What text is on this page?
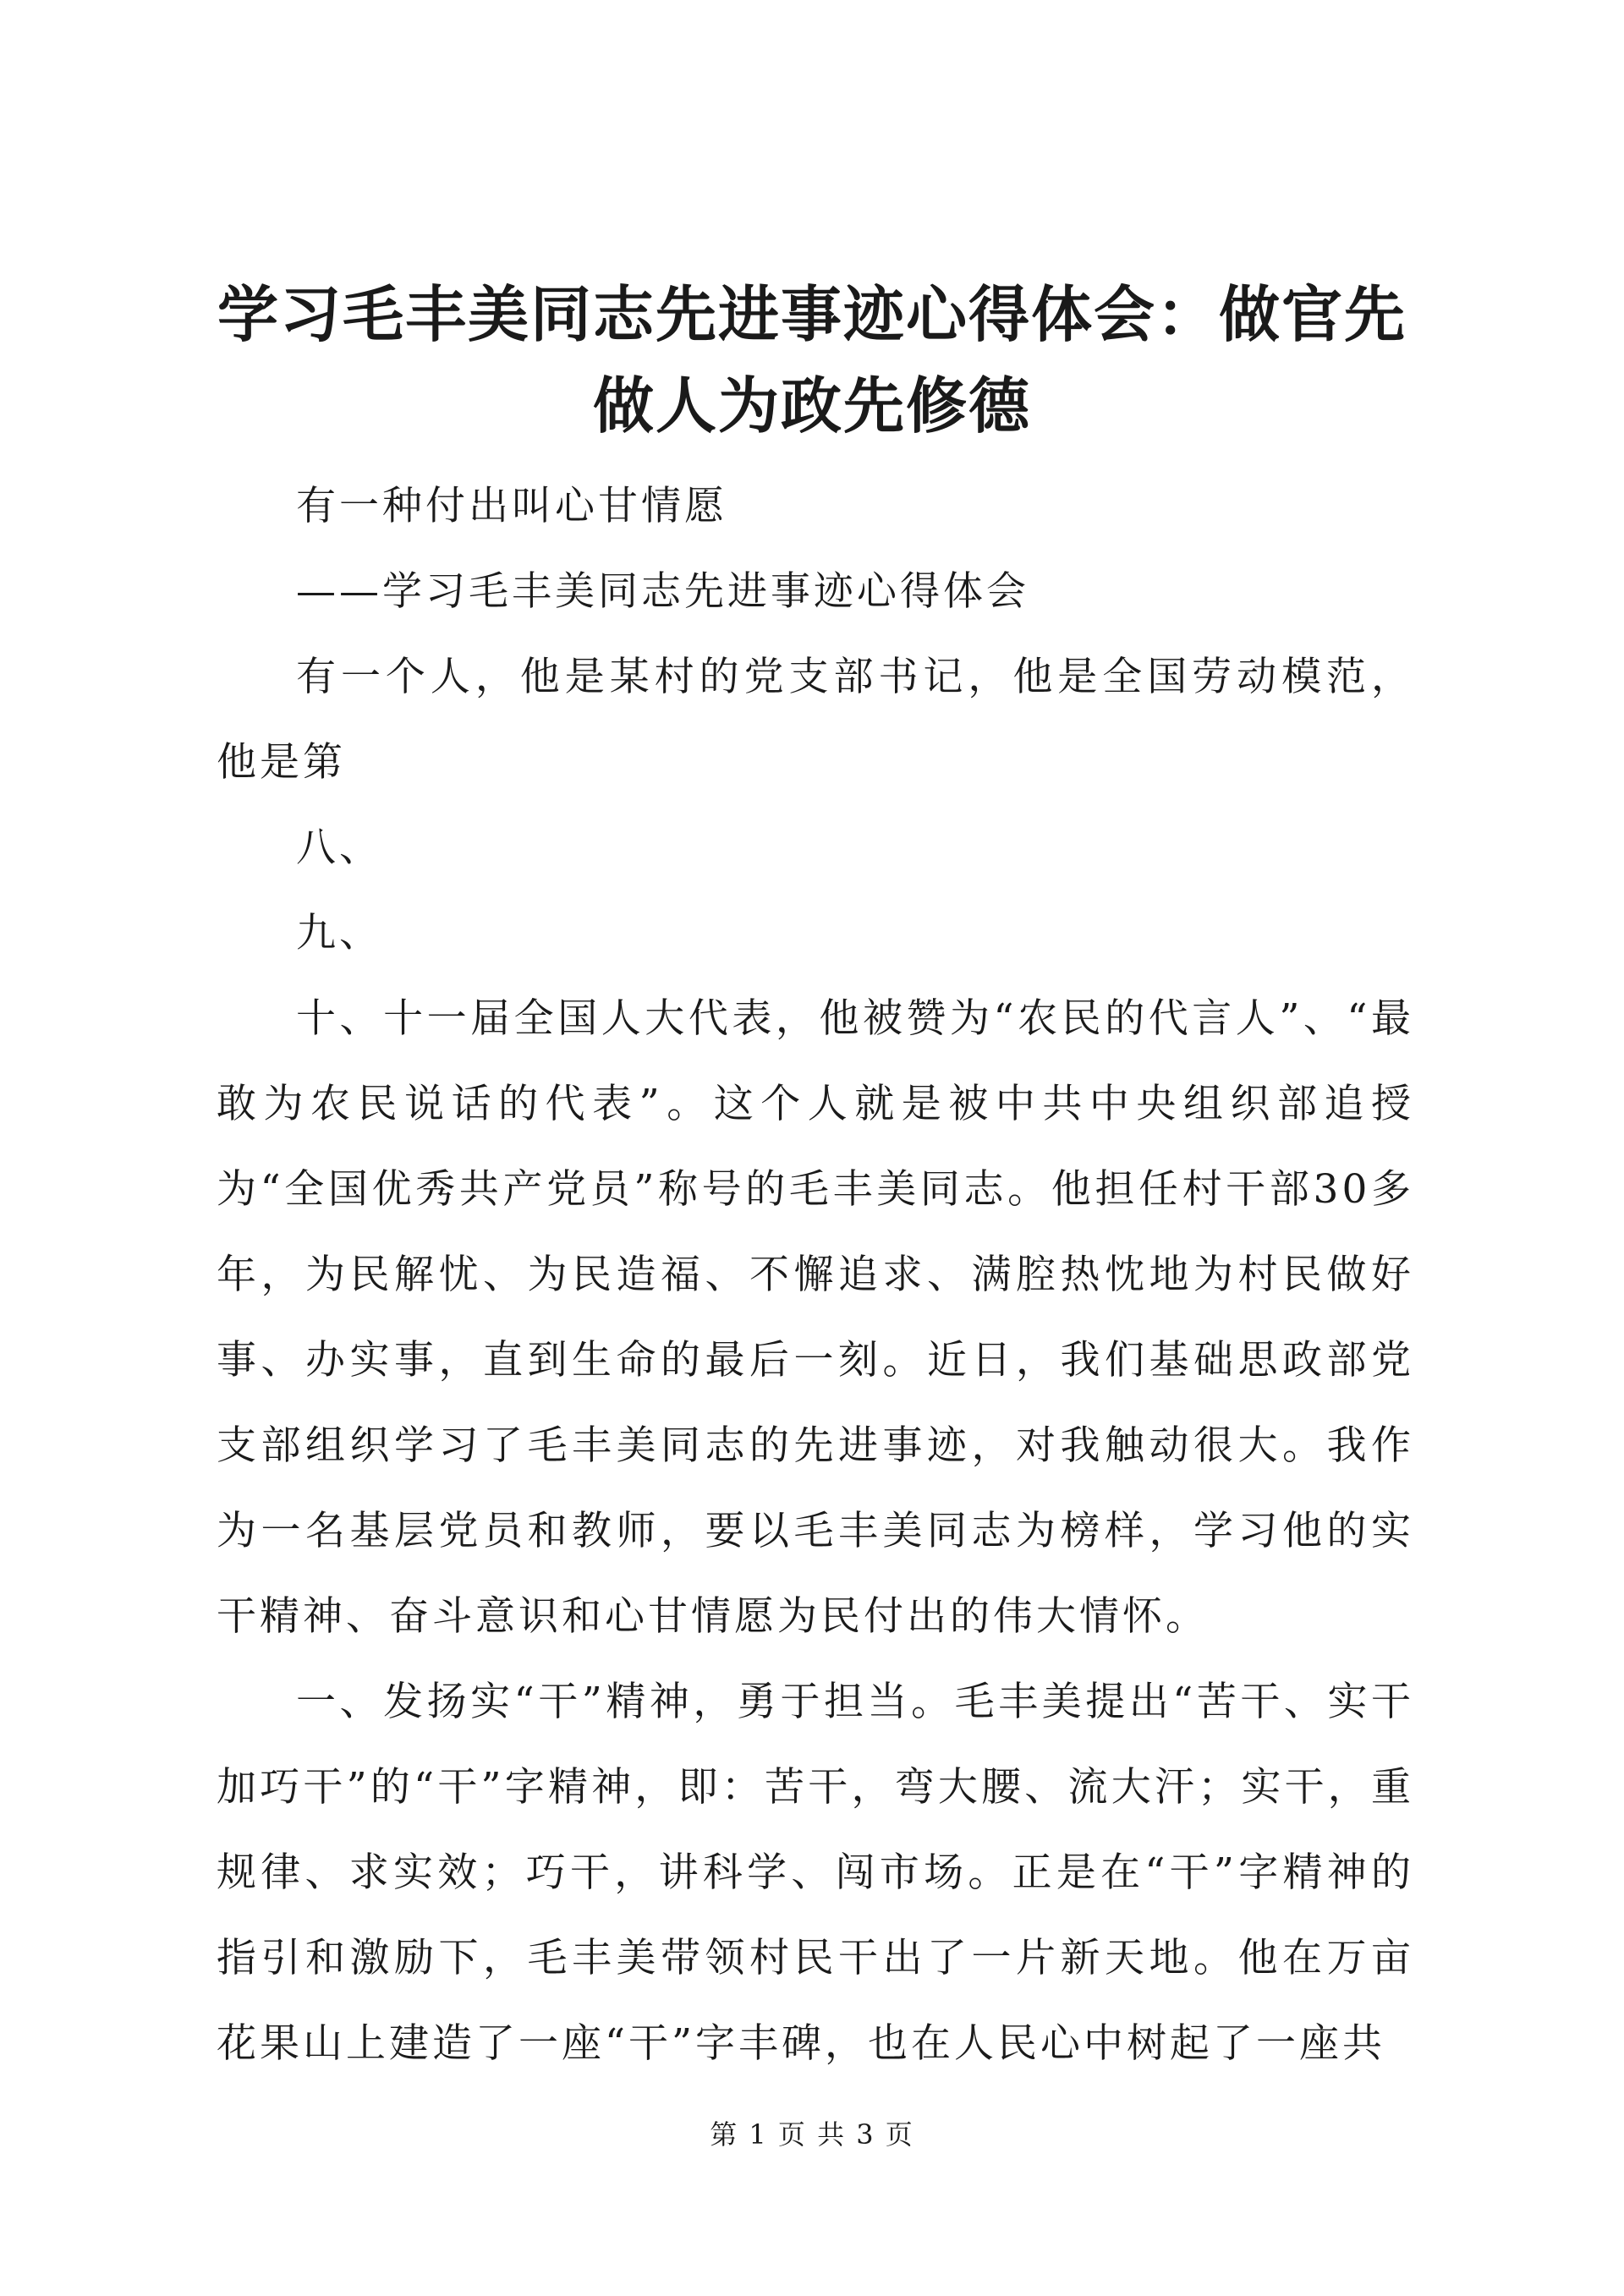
学习毛丰美同志先进事迹心得体会：做官先做人为政先修德

有一种付出叫心甘情愿

——学习毛丰美同志先进事迹心得体会

有一个人，他是某村的党支部书记，他是全国劳动模范，他是第

八、

九、

十、十一届全国人大代表，他被赞为“农民的代言人”、“最敢为农民说话的代表”。这个人就是被中共中央组织部追授为“全国优秀共产党员”称号的毛丰美同志。他担任村干部30多年，为民解忧、为民造福、不懈追求、满腔热忱地为村民做好事、办实事，直到生命的最后一刻。近日，我们基础思政部党支部组织学习了毛丰美同志的先进事迹，对我触动很大。我作为一名基层党员和教师，要以毛丰美同志为榜样，学习他的实干精神、奋斗意识和心甘情愿为民付出的伟大情怀。

一、发扬实“干”精神，勇于担当。毛丰美提出“苦干、实干加巧干”的“干”字精神，即：苦干，弯大腰、流大汗；实干，重规律、求实效；巧干，讲科学、闯市场。正是在“干”字精神的指引和激励下，毛丰美带领村民干出了一片新天地。他在万亩花果山上建造了一座“干”字丰碑，也在人民心中树起了一座共

第 1 页 共 3 页
